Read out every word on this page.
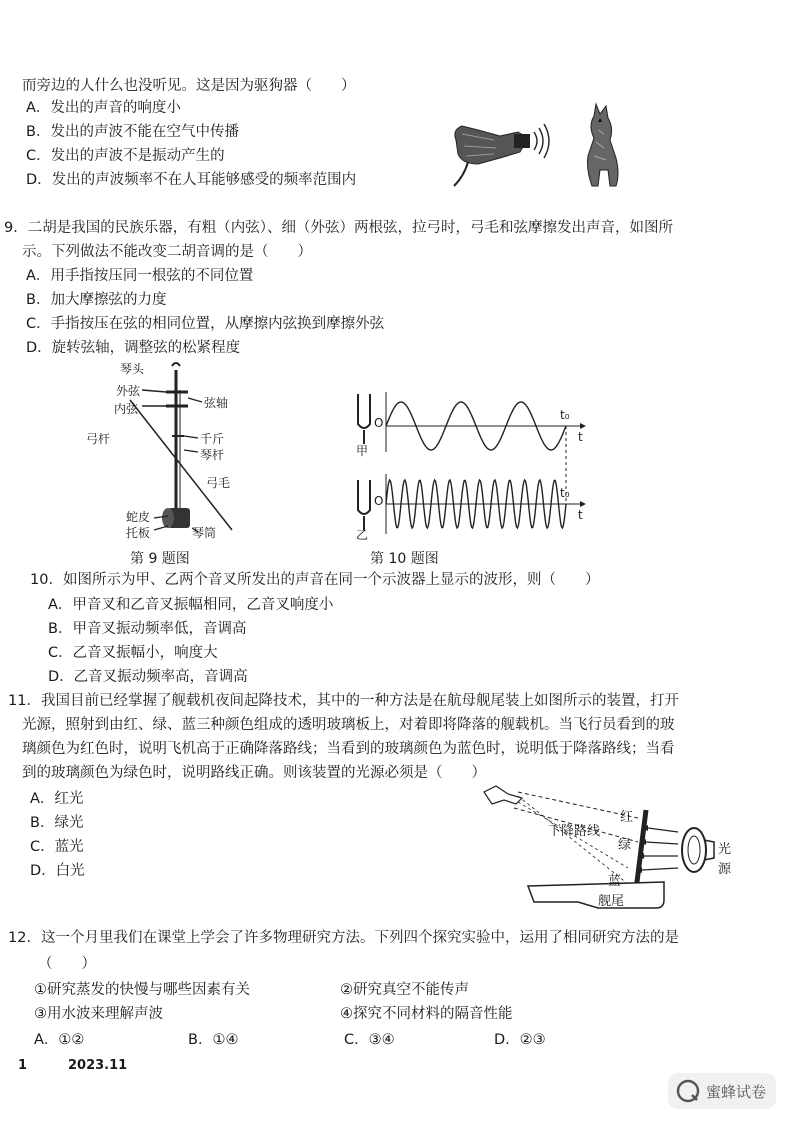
而旁边的人什么也没听见。这是因为驱狗器（　　）
A．发出的声音的响度小
B．发出的声波不能在空气中传播
C．发出的声波不是振动产生的
D．发出的声波频率不在人耳能够感受的频率范围内
9．二胡是我国的民族乐器，有粗（内弦）、细（外弦）两根弦，拉弓时，弓毛和弦摩擦发出声音，如图所
示。下列做法不能改变二胡音调的是（　　）
A．用手指按压同一根弦的不同位置
B．加大摩擦弦的力度
C．手指按压在弦的相同位置，从摩擦内弦换到摩擦外弦
D．旋转弦轴，调整弦的松紧程度
琴头
外弦
内弦	弦轴
弓杆	千斤
琴杆
弓毛
蛇皮
托板	琴筒
第 9 题图
O
O
t₀
t₀
t
t
甲
乙
第 10 题图
10．如图所示为甲、乙两个音叉所发出的声音在同一个示波器上显示的波形，则（　　）
A．甲音叉和乙音叉振幅相同，乙音叉响度小
B．甲音叉振动频率低，音调高
C．乙音叉振幅小，响度大
D．乙音叉振动频率高，音调高
11．我国目前已经掌握了舰载机夜间起降技术，其中的一种方法是在航母舰尾装上如图所示的装置，打开
光源，照射到由红、绿、蓝三种颜色组成的透明玻璃板上，对着即将降落的舰载机。当飞行员看到的玻
璃颜色为红色时，说明飞机高于正确降落路线；当看到的玻璃颜色为蓝色时，说明低于降落路线；当看
到的玻璃颜色为绿色时，说明路线正确。则该装置的光源必须是（　　）
A．红光
B．绿光
C．蓝光
D．白光
下降路线
红
绿
蓝
光
源
舰尾
12．这一个月里我们在课堂上学会了许多物理研究方法。下列四个探究实验中，运用了相同研究方法的是
（　　）
①研究蒸发的快慢与哪些因素有关	②研究真空不能传声
③用水波来理解声波	④探究不同材料的隔音性能
A．①②	B．①④	C．③④	D．②③
1	2023.11
蜜蜂试卷
